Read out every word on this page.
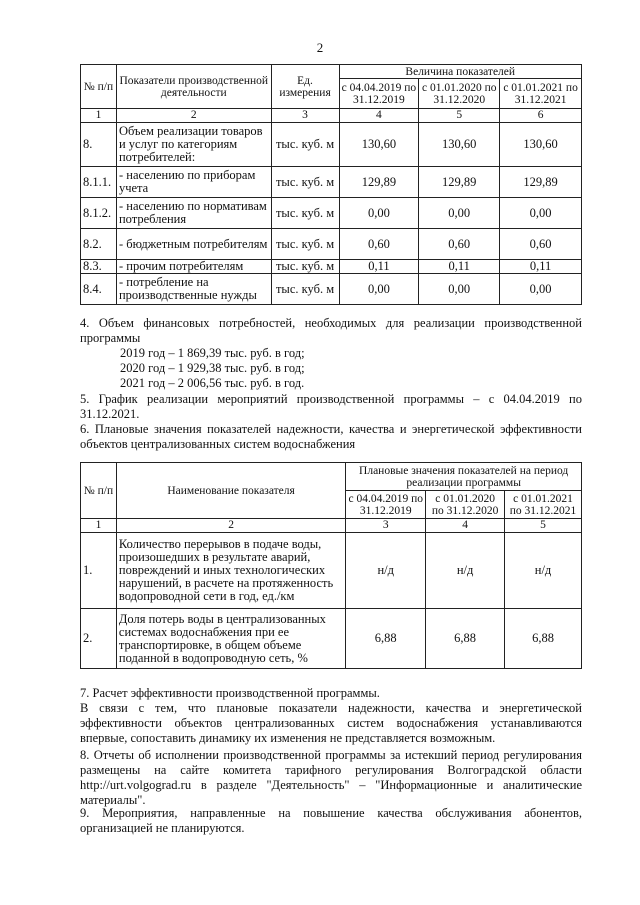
2
№ п/п	Показатели производственной деятельности	Ед. измерения	Величина показателей		
			с 04.04.2019 по 31.12.2019	с 01.01.2020 по 31.12.2020	с 01.01.2021 по 31.12.2021
1	2	3	4	5	6
8.	Объем реализации товаров и услуг по категориям потребителей:	тыс. куб. м	130,60	130,60	130,60
8.1.1.	- населению по приборам учета	тыс. куб. м	129,89	129,89	129,89
8.1.2.	- населению по нормативам потребления	тыс. куб. м	0,00	0,00	0,00
8.2.	- бюджетным потребителям	тыс. куб. м	0,60	0,60	0,60
8.3.	- прочим потребителям	тыс. куб. м	0,11	0,11	0,11
8.4.	- потребление на производственные нужды	тыс. куб. м	0,00	0,00	0,00
4. Объем финансовых потребностей, необходимых для реализации производственной программы
2019 год – 1 869,39 тыс. руб. в год;
2020 год – 1 929,38 тыс. руб. в год;
2021 год – 2 006,56 тыс. руб. в год.
5. График реализации мероприятий производственной программы – с 04.04.2019 по 31.12.2021.
6. Плановые значения показателей надежности, качества и энергетической эффективности объектов централизованных систем водоснабжения
№ п/п	Наименование показателя	Плановые значения показателей на период реализации программы		
		с 04.04.2019 по 31.12.2019	с 01.01.2020 по 31.12.2020	с 01.01.2021 по 31.12.2021
1	2	3	4	5
1.	Количество перерывов в подаче воды, произошедших в результате аварий, повреждений и иных технологических нарушений, в расчете на протяженность водопроводной сети в год, ед./км	н/д	н/д	н/д
2.	Доля потерь воды в централизованных системах водоснабжения при ее транспортировке, в общем объеме поданной в водопроводную сеть, %	6,88	6,88	6,88
7. Расчет эффективности производственной программы.
В связи с тем, что плановые показатели надежности, качества и энергетической эффективности объектов централизованных систем водоснабжения устанавливаются впервые, сопоставить динамику их изменения не представляется возможным.
8. Отчеты об исполнении производственной программы за истекший период регулирования размещены на сайте комитета тарифного регулирования Волгоградской области http://urt.volgograd.ru в разделе "Деятельность" – "Информационные и аналитические материалы".
9. Мероприятия, направленные на повышение качества обслуживания абонентов, организацией не планируются.
